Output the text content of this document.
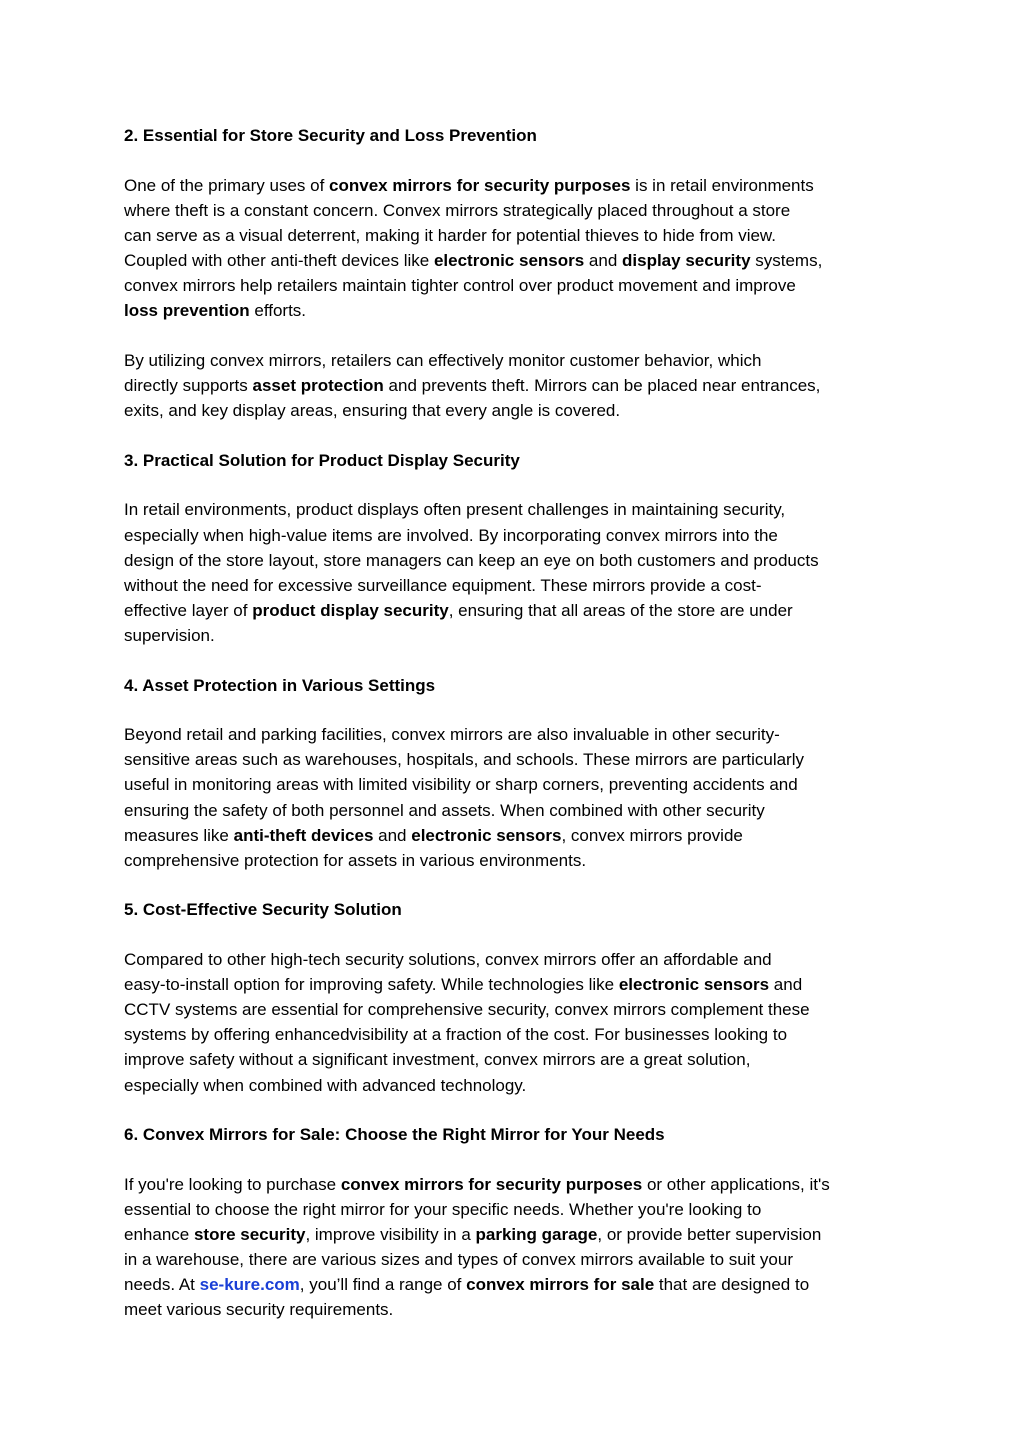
2. Essential for Store Security and Loss Prevention
One of the primary uses of convex mirrors for security purposes is in retail environments
where theft is a constant concern. Convex mirrors strategically placed throughout a store
can serve as a visual deterrent, making it harder for potential thieves to hide from view.
Coupled with other anti-theft devices like electronic sensors and display security systems,
convex mirrors help retailers maintain tighter control over product movement and improve
loss prevention efforts.
By utilizing convex mirrors, retailers can effectively monitor customer behavior, which
directly supports asset protection and prevents theft. Mirrors can be placed near entrances,
exits, and key display areas, ensuring that every angle is covered.
3. Practical Solution for Product Display Security
In retail environments, product displays often present challenges in maintaining security,
especially when high-value items are involved. By incorporating convex mirrors into the
design of the store layout, store managers can keep an eye on both customers and products
without the need for excessive surveillance equipment. These mirrors provide a cost-
effective layer of product display security, ensuring that all areas of the store are under
supervision.
4. Asset Protection in Various Settings
Beyond retail and parking facilities, convex mirrors are also invaluable in other security-
sensitive areas such as warehouses, hospitals, and schools. These mirrors are particularly
useful in monitoring areas with limited visibility or sharp corners, preventing accidents and
ensuring the safety of both personnel and assets. When combined with other security
measures like anti-theft devices and electronic sensors, convex mirrors provide
comprehensive protection for assets in various environments.
5. Cost-Effective Security Solution
Compared to other high-tech security solutions, convex mirrors offer an affordable and
easy-to-install option for improving safety. While technologies like electronic sensors and
CCTV systems are essential for comprehensive security, convex mirrors complement these
systems by offering enhancedvisibility at a fraction of the cost. For businesses looking to
improve safety without a significant investment, convex mirrors are a great solution,
especially when combined with advanced technology.
6. Convex Mirrors for Sale: Choose the Right Mirror for Your Needs
If you're looking to purchase convex mirrors for security purposes or other applications, it's
essential to choose the right mirror for your specific needs. Whether you're looking to
enhance store security, improve visibility in a parking garage, or provide better supervision
in a warehouse, there are various sizes and types of convex mirrors available to suit your
needs. At se-kure.com, you’ll find a range of convex mirrors for sale that are designed to
meet various security requirements.
